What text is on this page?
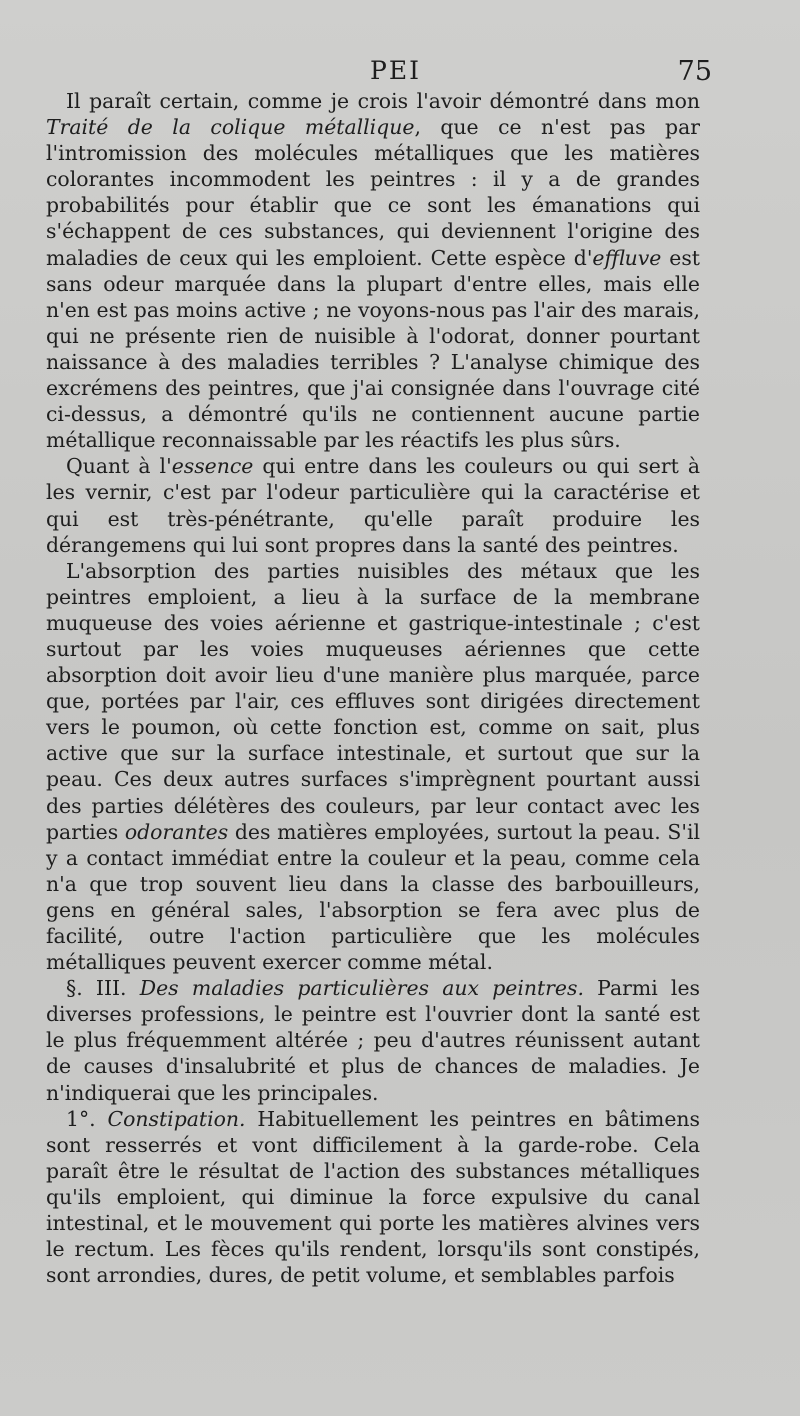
PEI	75

Il paraît certain, comme je crois l'avoir démontré dans mon Traité de la colique métallique, que ce n'est pas par l'intromission des molécules métalliques que les matières colorantes incommodent les peintres : il y a de grandes probabilités pour établir que ce sont les émanations qui s'échappent de ces substances, qui deviennent l'origine des maladies de ceux qui les emploient. Cette espèce d'effluve est sans odeur marquée dans la plupart d'entre elles, mais elle n'en est pas moins active ; ne voyons-nous pas l'air des marais, qui ne présente rien de nuisible à l'odorat, donner pourtant naissance à des maladies terribles ? L'analyse chimique des excrémens des peintres, que j'ai consignée dans l'ouvrage cité ci-dessus, a démontré qu'ils ne contiennent aucune partie métallique reconnaissable par les réactifs les plus sûrs.

Quant à l'essence qui entre dans les couleurs ou qui sert à les vernir, c'est par l'odeur particulière qui la caractérise et qui est très-pénétrante, qu'elle paraît produire les dérangemens qui lui sont propres dans la santé des peintres.

L'absorption des parties nuisibles des métaux que les peintres emploient, a lieu à la surface de la membrane muqueuse des voies aérienne et gastrique-intestinale ; c'est surtout par les voies muqueuses aériennes que cette absorption doit avoir lieu d'une manière plus marquée, parce que, portées par l'air, ces effluves sont dirigées directement vers le poumon, où cette fonction est, comme on sait, plus active que sur la surface intestinale, et surtout que sur la peau. Ces deux autres surfaces s'imprègnent pourtant aussi des parties délétères des couleurs, par leur contact avec les parties odorantes des matières employées, surtout la peau. S'il y a contact immédiat entre la couleur et la peau, comme cela n'a que trop souvent lieu dans la classe des barbouilleurs, gens en général sales, l'absorption se fera avec plus de facilité, outre l'action particulière que les molécules métalliques peuvent exercer comme métal.

§. III. Des maladies particulières aux peintres. Parmi les diverses professions, le peintre est l'ouvrier dont la santé est le plus fréquemment altérée ; peu d'autres réunissent autant de causes d'insalubrité et plus de chances de maladies. Je n'indiquerai que les principales.

1°. Constipation. Habituellement les peintres en bâtimens sont resserrés et vont difficilement à la garde-robe. Cela paraît être le résultat de l'action des substances métalliques qu'ils emploient, qui diminue la force expulsive du canal intestinal, et le mouvement qui porte les matières alvines vers le rectum. Les fèces qu'ils rendent, lorsqu'ils sont constipés, sont arrondies, dures, de petit volume, et semblables parfois
